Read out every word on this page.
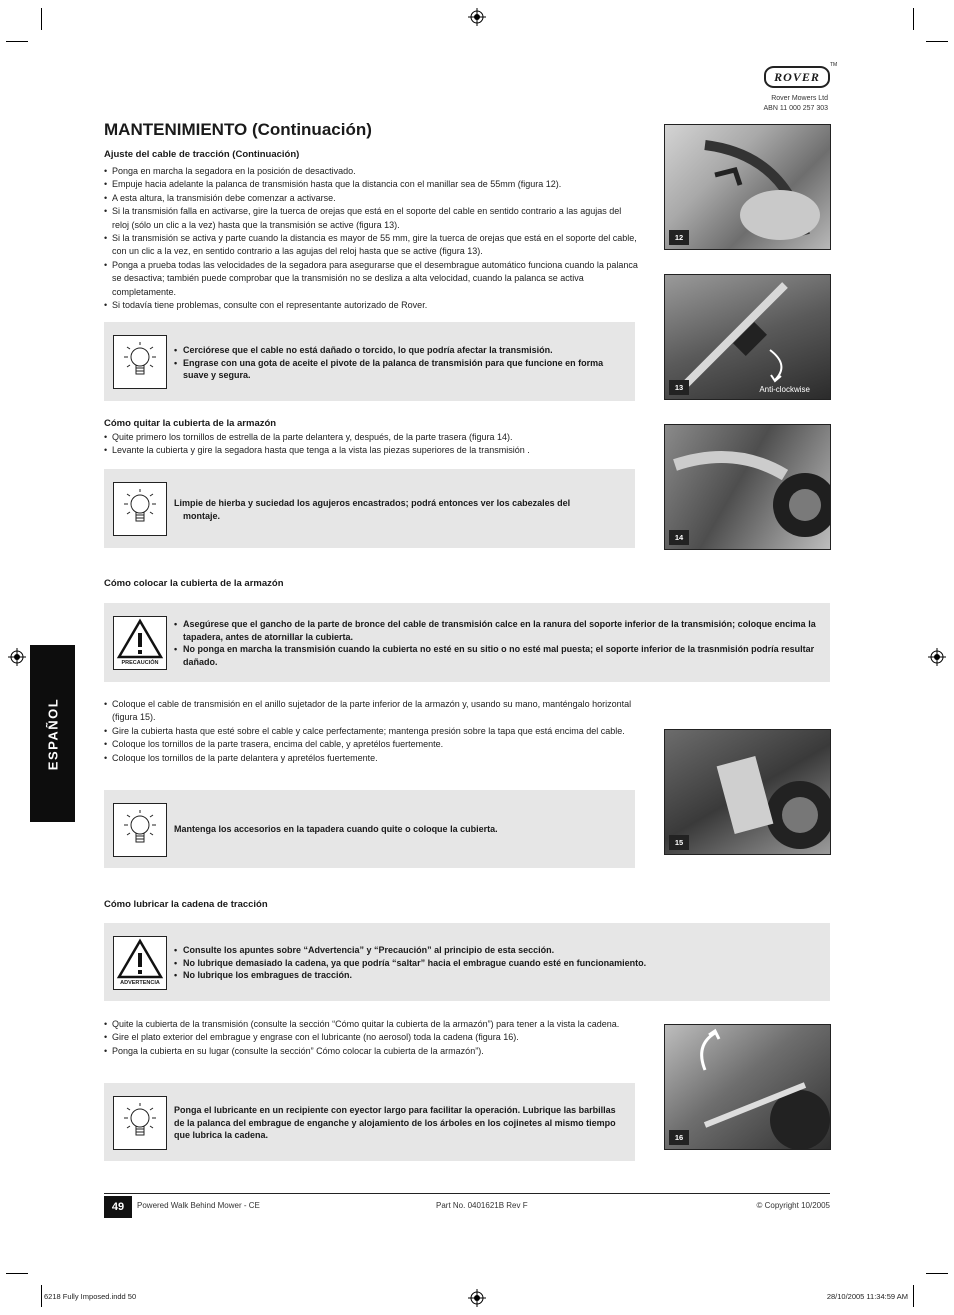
ROVER
TM
Rover Mowers Ltd
ABN 11 000 257 303
MANTENIMIENTO (Continuación)
Ajuste del cable de tracción (Continuación)
• Ponga en marcha la segadora en la posición de desactivado.
• Empuje hacia adelante la palanca de transmisión hasta que la distancia con el manillar sea de 55mm (figura 12).
• A esta altura, la transmisión debe comenzar a activarse.
• Si la transmisión falla en activarse, gire la tuerca de orejas que está en el soporte del cable en sentido contrario a las agujas del reloj (sólo un clic a la vez) hasta que la transmisión se active (figura 13).
• Si la transmisión se activa y parte cuando la distancia es mayor de 55 mm, gire la tuerca de orejas que está en el soporte del cable, con un clic a la vez, en sentido contrario a las agujas del reloj hasta que se active (figura 13).
• Ponga a prueba todas las velocidades de la segadora para asegurarse que el desembrague automático funciona cuando la palanca se desactiva; también puede comprobar que la transmisión no se desliza a alta velocidad, cuando la palanca se activa completamente.
• Si todavía tiene problemas, consulte con el representante autorizado de Rover.
• Cerciórese que el cable no está dañado o torcido, lo que podría afectar la transmisión.
• Engrase con una gota de aceite el pivote de la palanca de transmisión para que funcione en forma suave y segura.
Cómo quitar la cubierta de la armazón
• Quite primero los tornillos de estrella de la parte delantera y, después, de la parte trasera (figura 14).
• Levante la cubierta y gire la segadora hasta que tenga a la vista las piezas superiores de la transmisión .

Limpie de hierba y suciedad los agujeros encastrados; podrá entonces ver los cabezales del

montaje.

Cómo colocar la cubierta de la armazón
PRECAUCIÓN
• Asegúrese que el gancho de la parte de bronce del cable de transmisión calce en la ranura del soporte inferior de la transmisión; coloque encima la tapadera, antes de atornillar la cubierta.
• No ponga en marcha la transmisión cuando la cubierta no esté en su sitio o no esté mal puesta; el soporte inferior de la trasnmisión podría resultar dañado.
• Coloque el cable de transmisión en el anillo sujetador de la parte inferior de la armazón y, usando su mano, manténgalo horizontal (figura 15).
• Gire la cubierta hasta que esté sobre el cable y calce perfectamente; mantenga presión sobre la tapa que está encima del cable.
• Coloque los tornillos de la parte trasera, encima del cable, y apretélos fuertemente.
• Coloque los tornillos de la parte delantera y apretélos fuertemente.

Mantenga los accesorios en la tapadera cuando quite o coloque la cubierta.

Cómo lubricar la cadena de tracción
ADVERTENCIA
• Consulte los apuntes sobre “Advertencia” y “Precaución” al principio de esta sección.
• No lubrique demasiado la cadena, ya que podría “saltar” hacia el embrague cuando esté en funcionamiento.
• No lubrique los embragues de tracción.
• Quite la cubierta de la transmisión (consulte la sección “Cómo quitar la cubierta de la armazón”) para tener a la vista la cadena.
• Gire el plato exterior del embrague y engrase con el lubricante (no aerosol) toda la cadena (figura 16).
• Ponga la cubierta en su lugar (consulte la sección” Cómo colocar la cubierta de la armazón”).

Ponga el lubricante en un recipiente con eyector largo para facilitar la operación. Lubrique las barbillas de la palanca del embrague de enganche y alojamiento de los árboles en los cojinetes al mismo tiempo que lubrica la cadena.

12
13	Anti-clockwise
14
15
16
ESPAÑOL
49	Powered Walk Behind Mower - CE	Part No. 0401621B Rev F	© Copyright 10/2005
6218 Fully Imposed.indd 50	28/10/2005 11:34:59 AM
